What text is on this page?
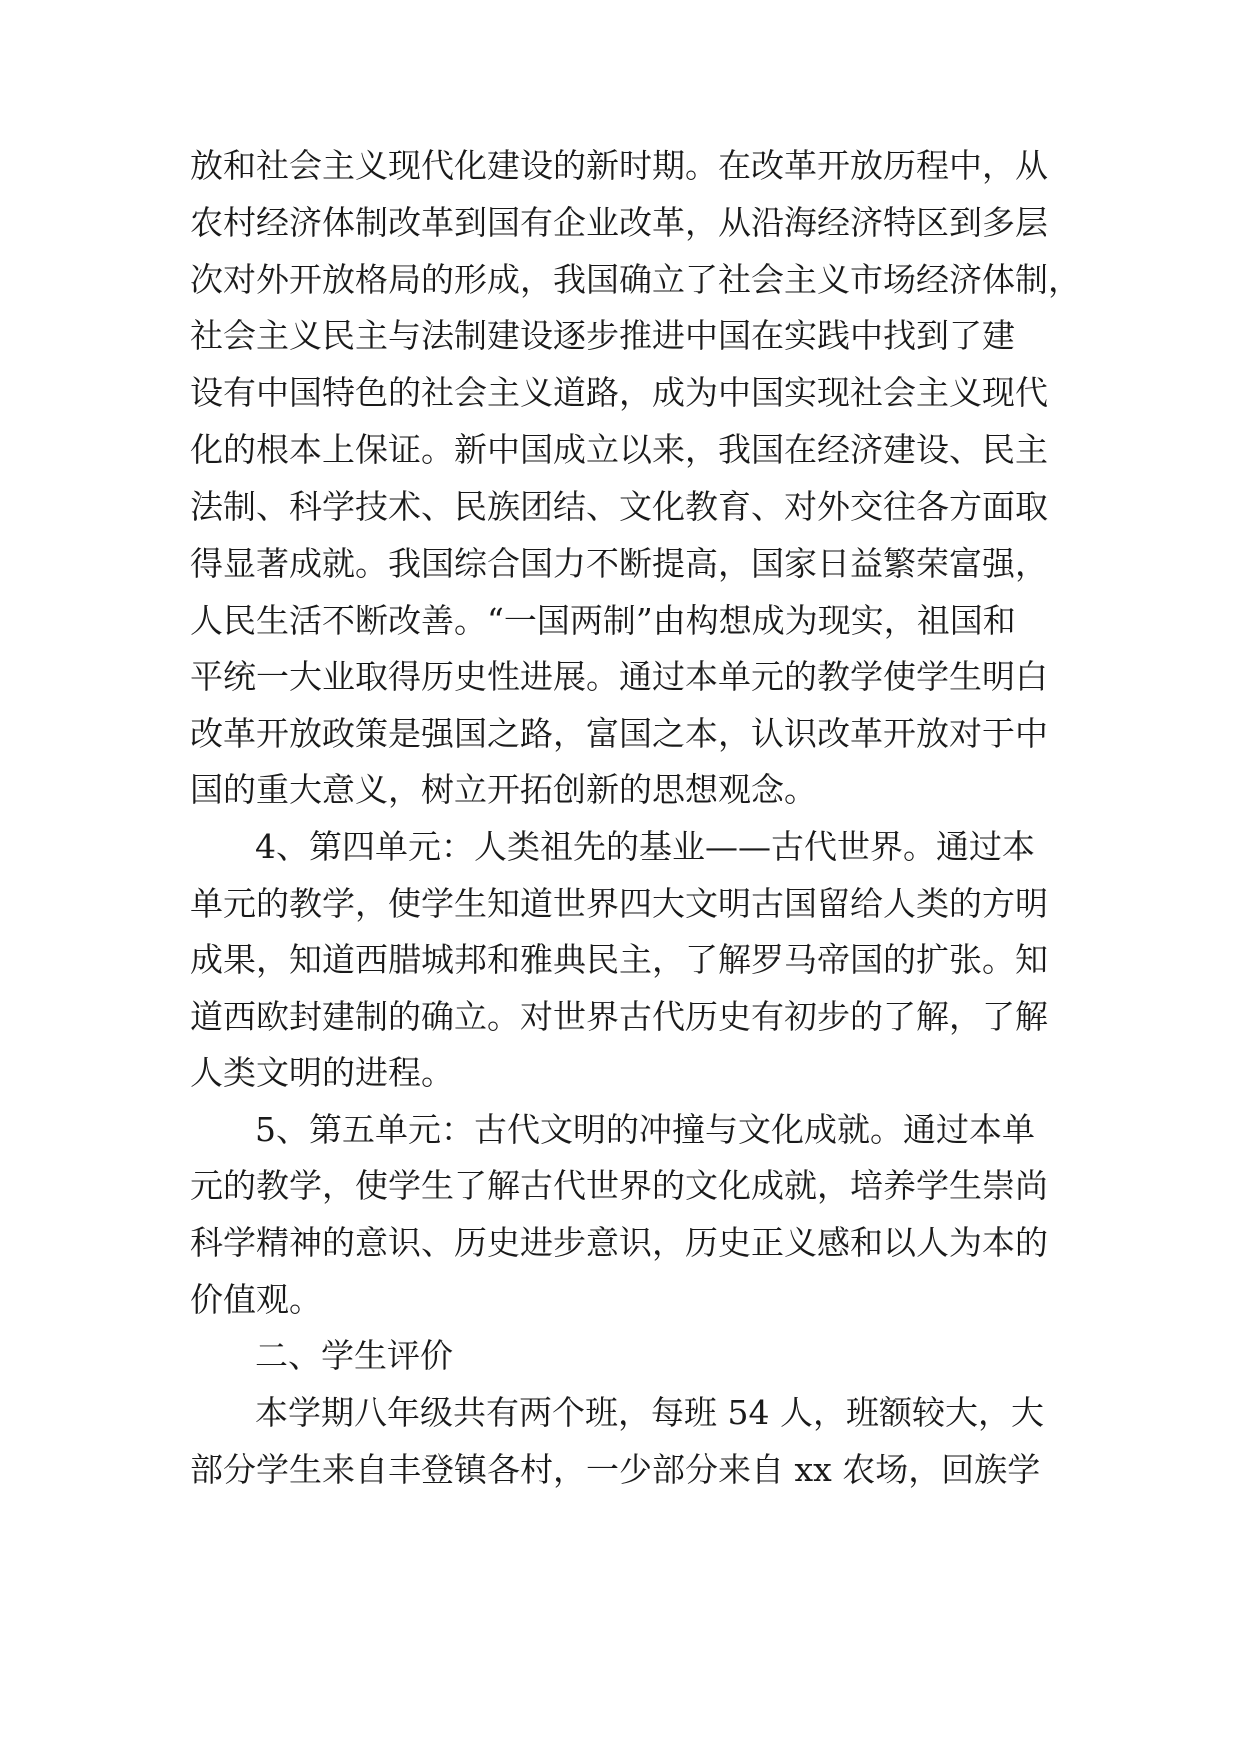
放和社会主义现代化建设的新时期。在改革开放历程中，从
农村经济体制改革到国有企业改革，从沿海经济特区到多层
次对外开放格局的形成，我国确立了社会主义市场经济体制，
社会主义民主与法制建设逐步推进中国在实践中找到了建
设有中国特色的社会主义道路，成为中国实现社会主义现代
化的根本上保证。新中国成立以来，我国在经济建设、民主
法制、科学技术、民族团结、文化教育、对外交往各方面取
得显著成就。我国综合国力不断提高，国家日益繁荣富强，
人民生活不断改善。“一国两制”由构想成为现实，祖国和
平统一大业取得历史性进展。通过本单元的教学使学生明白
改革开放政策是强国之路，富国之本，认识改革开放对于中
国的重大意义，树立开拓创新的思想观念。
4、第四单元：人类祖先的基业——古代世界。通过本
单元的教学，使学生知道世界四大文明古国留给人类的方明
成果，知道西腊城邦和雅典民主，了解罗马帝国的扩张。知
道西欧封建制的确立。对世界古代历史有初步的了解，了解
人类文明的进程。
5、第五单元：古代文明的冲撞与文化成就。通过本单
元的教学，使学生了解古代世界的文化成就，培养学生崇尚
科学精神的意识、历史进步意识，历史正义感和以人为本的
价值观。
二、学生评价
本学期八年级共有两个班，每班 54 人，班额较大，大
部分学生来自丰登镇各村，一少部分来自 xx 农场，回族学
